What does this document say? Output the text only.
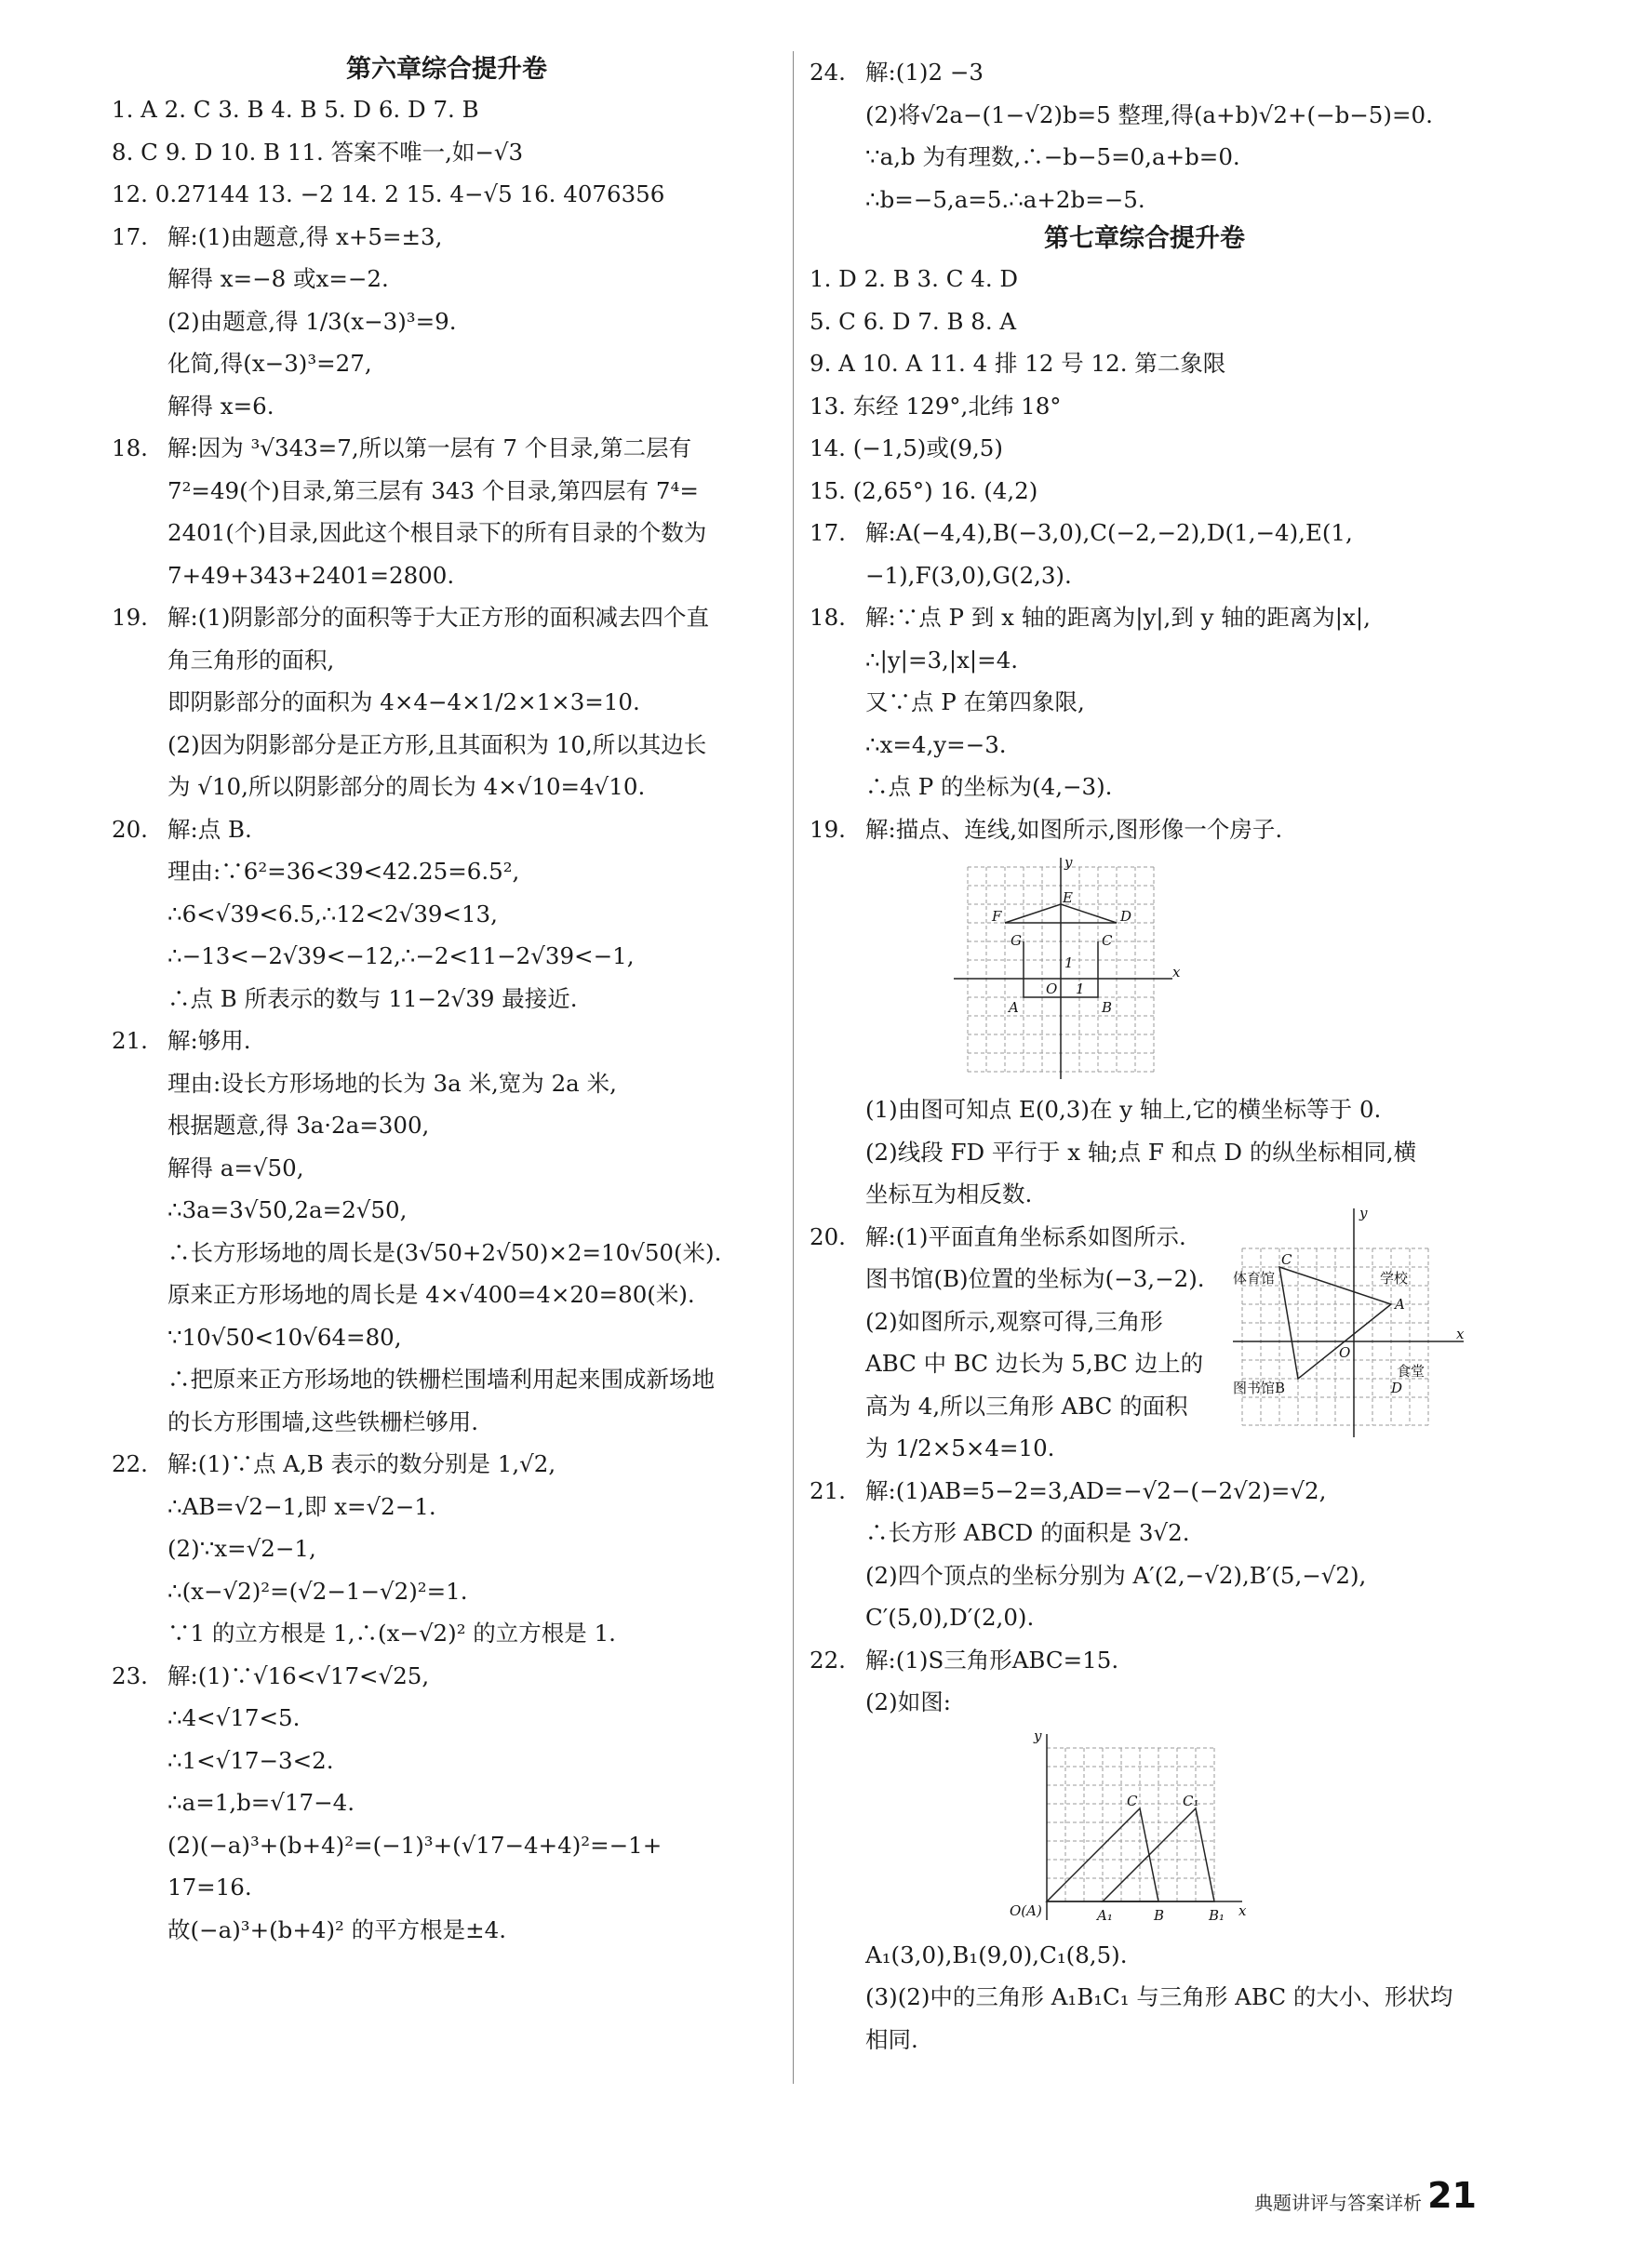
第六章综合提升卷
1. A 2. C 3. B 4. B 5. D 6. D 7. B
8. C 9. D 10. B 11. 答案不唯一,如−√3
12. 0.27144 13. −2 14. 2 15. 4−√5 16. 4076356
17. 解:(1)由题意,得 x+5=±3,
解得 x=−8 或x=−2.
(2)由题意,得 1/3(x−3)³=9.
化简,得(x−3)³=27,
解得 x=6.
18. 解:因为 ³√343=7,所以第一层有 7 个目录,第二层有
7²=49(个)目录,第三层有 343 个目录,第四层有 7⁴=
2401(个)目录,因此这个根目录下的所有目录的个数为
7+49+343+2401=2800.
19. 解:(1)阴影部分的面积等于大正方形的面积减去四个直
角三角形的面积,
即阴影部分的面积为 4×4−4×1/2×1×3=10.
(2)因为阴影部分是正方形,且其面积为 10,所以其边长
为 √10,所以阴影部分的周长为 4×√10=4√10.
20. 解:点 B.
理由:∵6²=36<39<42.25=6.5²,
∴6<√39<6.5,∴12<2√39<13,
∴−13<−2√39<−12,∴−2<11−2√39<−1,
∴点 B 所表示的数与 11−2√39 最接近.
21. 解:够用.
理由:设长方形场地的长为 3a 米,宽为 2a 米,
根据题意,得 3a·2a=300,
解得 a=√50,
∴3a=3√50,2a=2√50,
∴长方形场地的周长是(3√50+2√50)×2=10√50(米).
原来正方形场地的周长是 4×√400=4×20=80(米).
∵10√50<10√64=80,
∴把原来正方形场地的铁栅栏围墙利用起来围成新场地
的长方形围墙,这些铁栅栏够用.
22. 解:(1)∵点 A,B 表示的数分别是 1,√2,
∴AB=√2−1,即 x=√2−1.
(2)∵x=√2−1,
∴(x−√2)²=(√2−1−√2)²=1.
∵1 的立方根是 1,∴(x−√2)² 的立方根是 1.
23. 解:(1)∵√16<√17<√25,
∴4<√17<5.
∴1<√17−3<2.
∴a=1,b=√17−4.
(2)(−a)³+(b+4)²=(−1)³+(√17−4+4)²=−1+
17=16.
故(−a)³+(b+4)² 的平方根是±4.
24. 解:(1)2 −3
(2)将√2a−(1−√2)b=5 整理,得(a+b)√2+(−b−5)=0.
∵a,b 为有理数,∴−b−5=0,a+b=0.
∴b=−5,a=5.∴a+2b=−5.
第七章综合提升卷
1. D 2. B 3. C 4. D
5. C 6. D 7. B 8. A
9. A 10. A 11. 4 排 12 号 12. 第二象限
13. 东经 129°,北纬 18°
14. (−1,5)或(9,5)
15. (2,65°) 16. (4,2)
17. 解:A(−4,4),B(−3,0),C(−2,−2),D(1,−4),E(1,
−1),F(3,0),G(2,3).
18. 解:∵点 P 到 x 轴的距离为|y|,到 y 轴的距离为|x|,
∴|y|=3,|x|=4.
又∵点 P 在第四象限,
∴x=4,y=−3.
∴点 P 的坐标为(4,−3).
19. 解:描点、连线,如图所示,图形像一个房子.
y
x
E
F	D
G	C
O
1
1
A	B
(1)由图可知点 E(0,3)在 y 轴上,它的横坐标等于 0.
(2)线段 FD 平行于 x 轴;点 F 和点 D 的纵坐标相同,横
坐标互为相反数.
20. 解:(1)平面直角坐标系如图所示.
图书馆(B)位置的坐标为(−3,−2).
(2)如图所示,观察可得,三角形
ABC 中 BC 边长为 5,BC 边上的
高为 4,所以三角形 ABC 的面积
为 1/2×5×4=10.
y
x
C
体育馆	学校
A
O
图书馆B	D
食堂
21. 解:(1)AB=5−2=3,AD=−√2−(−2√2)=√2,
∴长方形 ABCD 的面积是 3√2.
(2)四个顶点的坐标分别为 A′(2,−√2),B′(5,−√2),
C′(5,0),D′(2,0).
22. 解:(1)S三角形ABC=15.
(2)如图:
y
x
O(A)	A₁	B	B₁
C	C₁
A₁(3,0),B₁(9,0),C₁(8,5).
(3)(2)中的三角形 A₁B₁C₁ 与三角形 ABC 的大小、形状均
相同.
典题讲评与答案详析 21
